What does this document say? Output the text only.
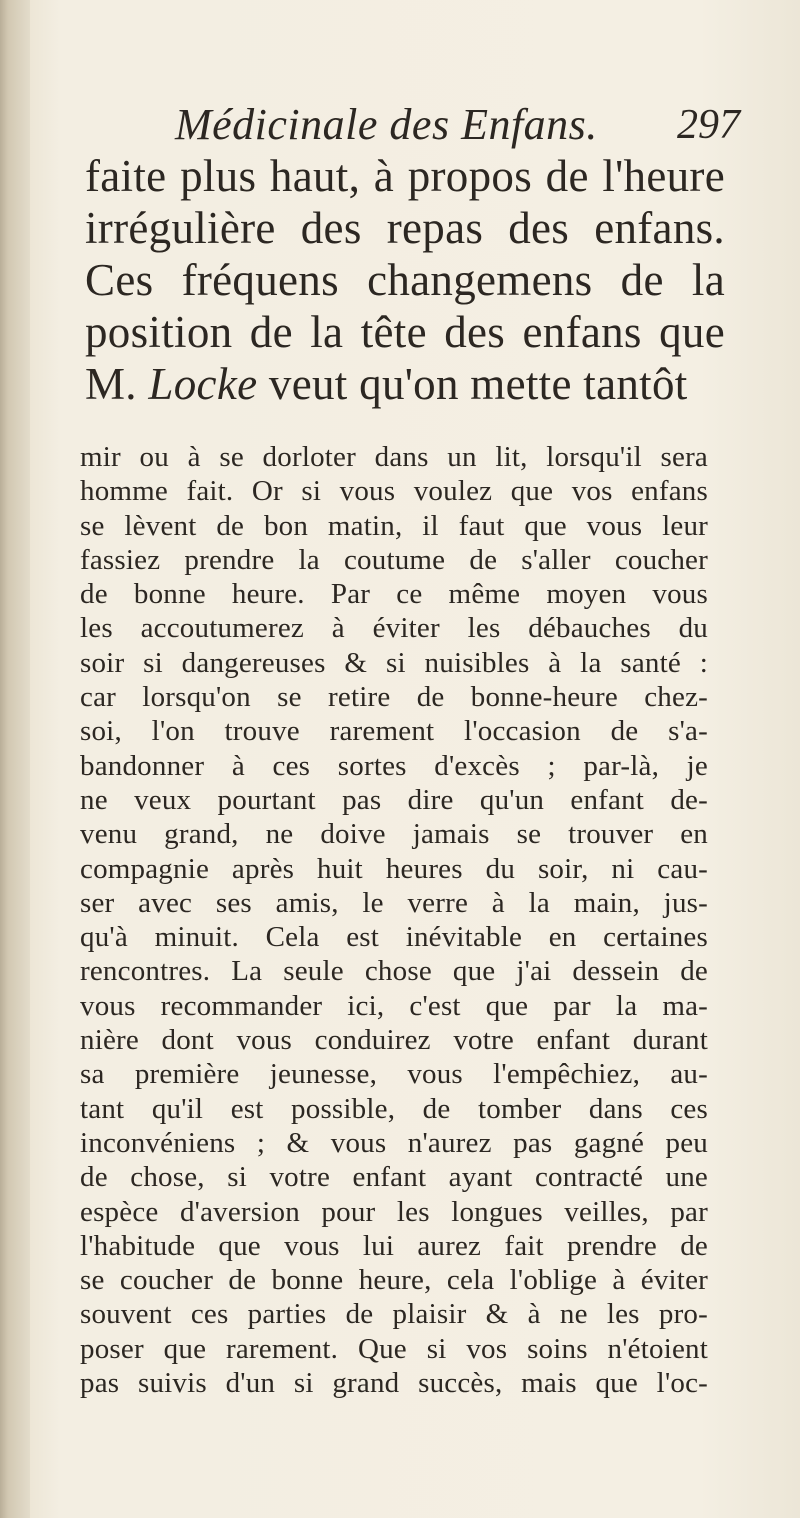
Médicinale des Enfans. 297
faite plus haut, à propos de l'heure
irrégulière des repas des enfans.
Ces fréquens changemens de la
position de la tête des enfans que
M. Locke veut qu'on mette tantôt
mir ou à se dorloter dans un lit, lorsqu'il sera
homme fait. Or si vous voulez que vos enfans
se lèvent de bon matin, il faut que vous leur
fassiez prendre la coutume de s'aller coucher
de bonne heure. Par ce même moyen vous
les accoutumerez à éviter les débauches du
soir si dangereuses & si nuisibles à la santé :
car lorsqu'on se retire de bonne-heure chez-
soi, l'on trouve rarement l'occasion de s'a-
bandonner à ces sortes d'excès ; par-là, je
ne veux pourtant pas dire qu'un enfant de-
venu grand, ne doive jamais se trouver en
compagnie après huit heures du soir, ni cau-
ser avec ses amis, le verre à la main, jus-
qu'à minuit. Cela est inévitable en certaines
rencontres. La seule chose que j'ai dessein de
vous recommander ici, c'est que par la ma-
nière dont vous conduirez votre enfant durant
sa première jeunesse, vous l'empêchiez, au-
tant qu'il est possible, de tomber dans ces
inconvéniens ; & vous n'aurez pas gagné peu
de chose, si votre enfant ayant contracté une
espèce d'aversion pour les longues veilles, par
l'habitude que vous lui aurez fait prendre de
se coucher de bonne heure, cela l'oblige à éviter
souvent ces parties de plaisir & à ne les pro-
poser que rarement. Que si vos soins n'étoient
pas suivis d'un si grand succès, mais que l'oc-
